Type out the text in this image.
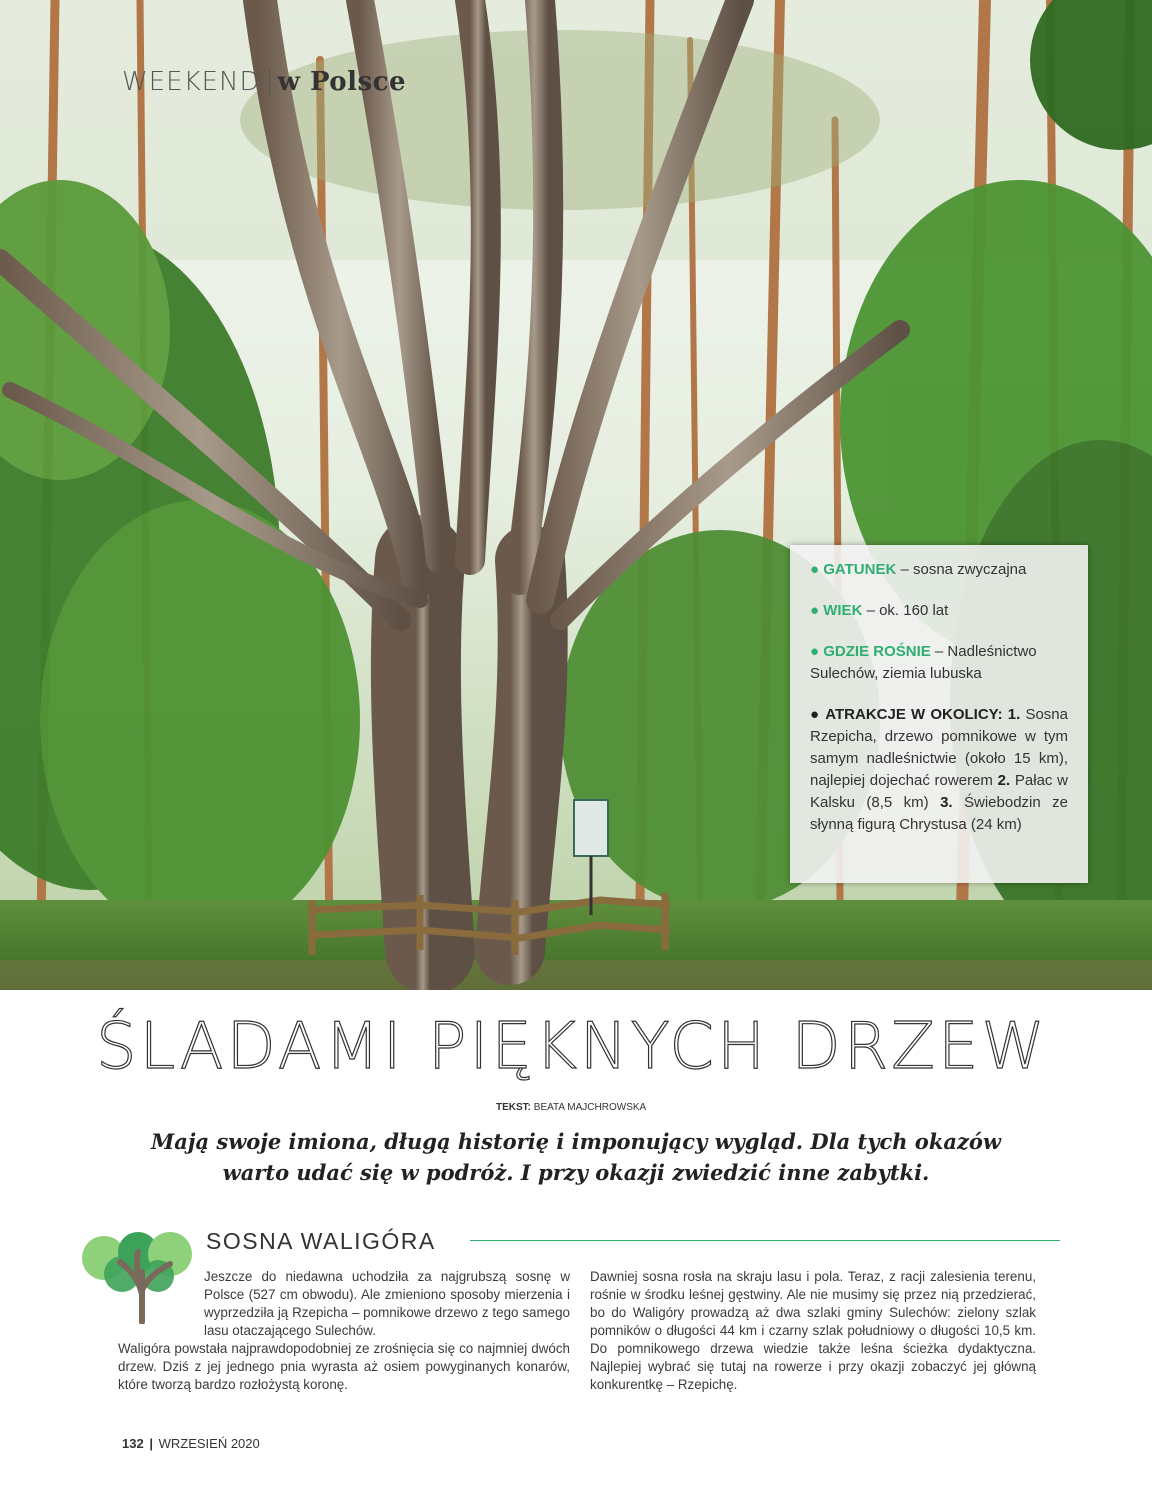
WEEKEND w Polsce
● GATUNEK – sosna zwyczajna
● WIEK – ok. 160 lat
● GDZIE ROŚNIE – Nadleśnictwo Sulechów, ziemia lubuska
● ATRAKCJE W OKOLICY: 1. Sosna Rzepicha, drzewo pomnikowe w tym samym nadleśnictwie (około 15 km), najlepiej dojechać rowerem 2. Pałac w Kalsku (8,5 km) 3. Świebodzin ze słynną figurą Chrystusa (24 km)
ŚLADAMI PIĘKNYCH DRZEW
TEKST: BEATA MAJCHROWSKA
Mają swoje imiona, długą historię i imponujący wygląd. Dla tych okazów warto udać się w podróż. I przy okazji zwiedzić inne zabytki.
SOSNA WALIGÓRA
Jeszcze do niedawna uchodziła za najgrubszą sosnę w Polsce (527 cm obwodu). Ale zmieniono sposoby mierzenia i wyprzedziła ją Rzepicha – pomnikowe drzewo z tego samego lasu otaczającego Sulechów.
Waligóra powstała najprawdopodobniej ze zrośnięcia się co najmniej dwóch drzew. Dziś z jej jednego pnia wyrasta aż osiem powyginanych konarów, które tworzą bardzo rozłożystą koronę.
Dawniej sosna rosła na skraju lasu i pola. Teraz, z racji zalesienia terenu, rośnie w środku leśnej gęstwiny. Ale nie musimy się przez nią przedzierać, bo do Waligóry prowadzą aż dwa szlaki gminy Sulechów: zielony szlak pomników o długości 44 km i czarny szlak południowy o długości 10,5 km. Do pomnikowego drzewa wiedzie także leśna ścieżka dydaktyczna. Najlepiej wybrać się tutaj na rowerze i przy okazji zobaczyć jej główną konkurentkę – Rzepichę.
132 | WRZESIEŃ 2020
